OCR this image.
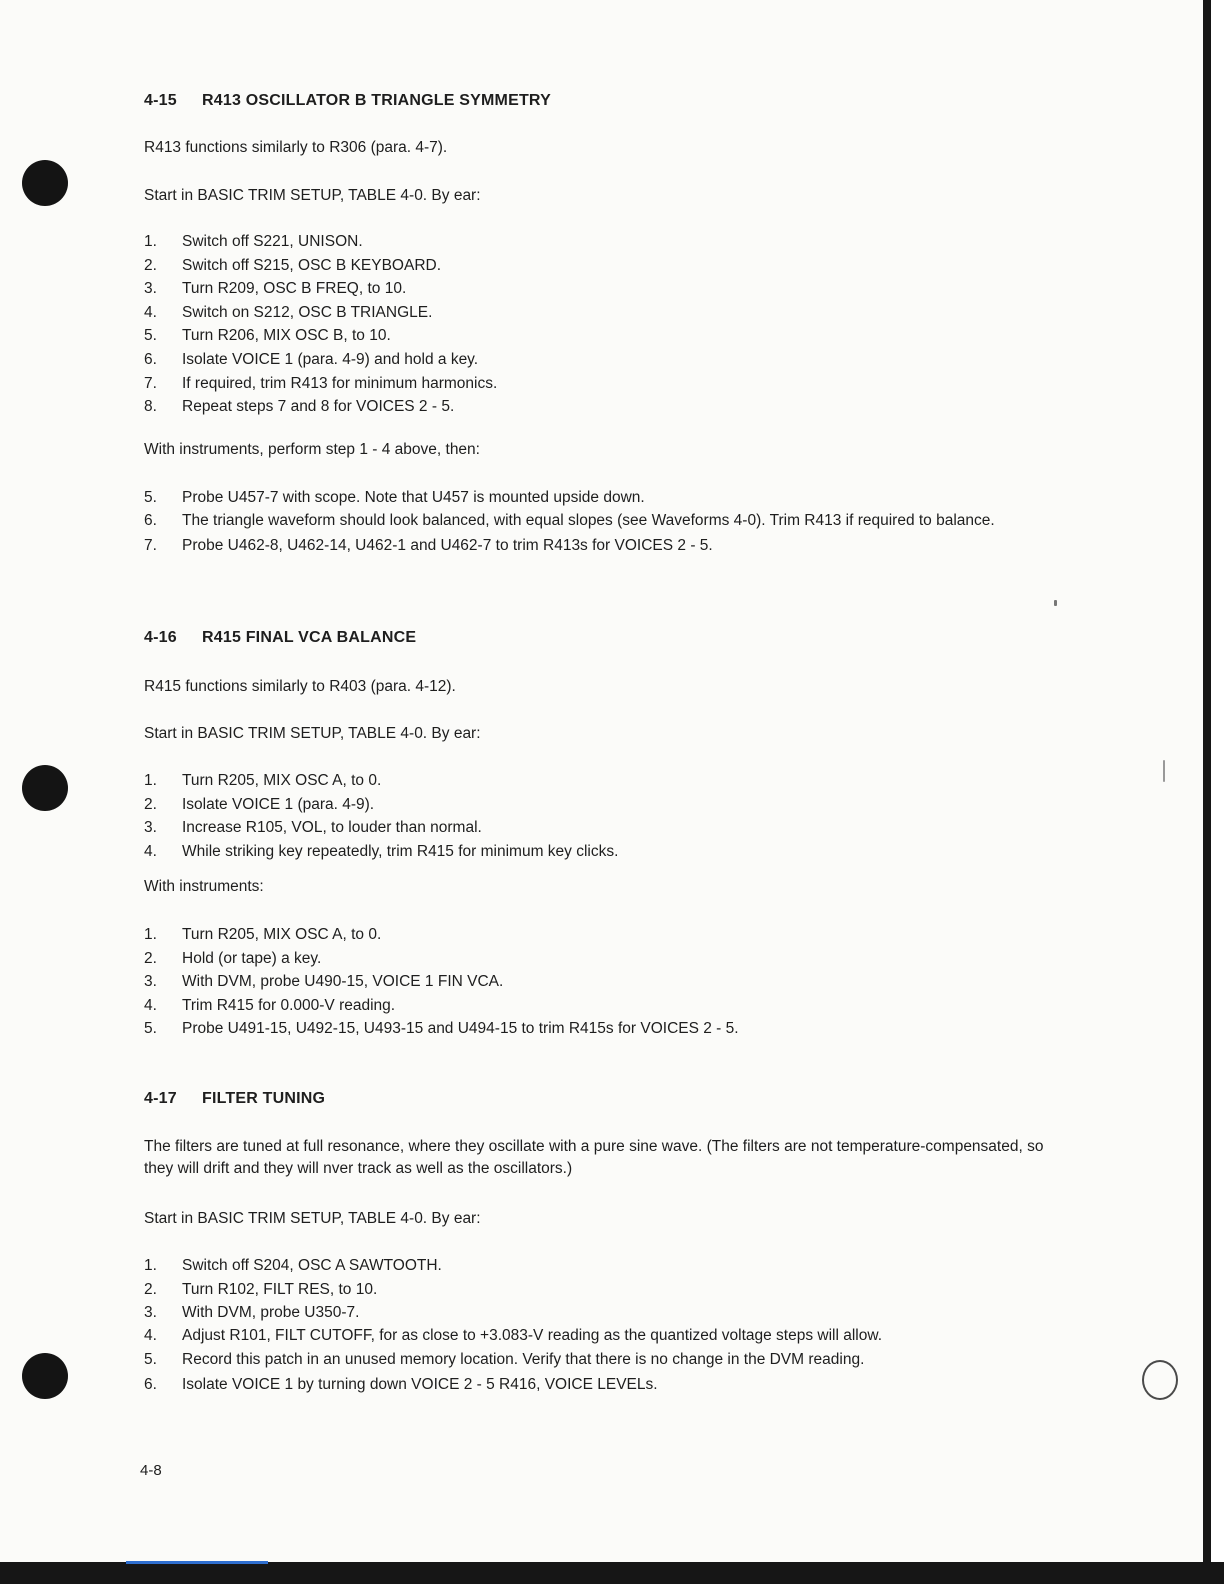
4-15 R413 OSCILLATOR B TRIANGLE SYMMETRY
R413 functions similarly to R306 (para. 4-7).
Start in BASIC TRIM SETUP, TABLE 4-0. By ear:
1. Switch off S221, UNISON.
2. Switch off S215, OSC B KEYBOARD.
3. Turn R209, OSC B FREQ, to 10.
4. Switch on S212, OSC B TRIANGLE.
5. Turn R206, MIX OSC B, to 10.
6. Isolate VOICE 1 (para. 4-9) and hold a key.
7. If required, trim R413 for minimum harmonics.
8. Repeat steps 7 and 8 for VOICES 2 - 5.
With instruments, perform step 1 - 4 above, then:
5. Probe U457-7 with scope. Note that U457 is mounted upside down.
6. The triangle waveform should look balanced, with equal slopes (see Waveforms 4-0). Trim R413 if required to balance.
7. Probe U462-8, U462-14, U462-1 and U462-7 to trim R413s for VOICES 2 - 5.
4-16 R415 FINAL VCA BALANCE
R415 functions similarly to R403 (para. 4-12).
Start in BASIC TRIM SETUP, TABLE 4-0. By ear:
1. Turn R205, MIX OSC A, to 0.
2. Isolate VOICE 1 (para. 4-9).
3. Increase R105, VOL, to louder than normal.
4. While striking key repeatedly, trim R415 for minimum key clicks.
With instruments:
1. Turn R205, MIX OSC A, to 0.
2. Hold (or tape) a key.
3. With DVM, probe U490-15, VOICE 1 FIN VCA.
4. Trim R415 for 0.000-V reading.
5. Probe U491-15, U492-15, U493-15 and U494-15 to trim R415s for VOICES 2 - 5.
4-17 FILTER TUNING
The filters are tuned at full resonance, where they oscillate with a pure sine wave. (The filters are not temperature-compensated, so they will drift and they will nver track as well as the oscillators.)
Start in BASIC TRIM SETUP, TABLE 4-0. By ear:
1. Switch off S204, OSC A SAWTOOTH.
2. Turn R102, FILT RES, to 10.
3. With DVM, probe U350-7.
4. Adjust R101, FILT CUTOFF, for as close to +3.083-V reading as the quantized voltage steps will allow.
5. Record this patch in an unused memory location. Verify that there is no change in the DVM reading.
6. Isolate VOICE 1 by turning down VOICE 2 - 5 R416, VOICE LEVELs.
4-8
